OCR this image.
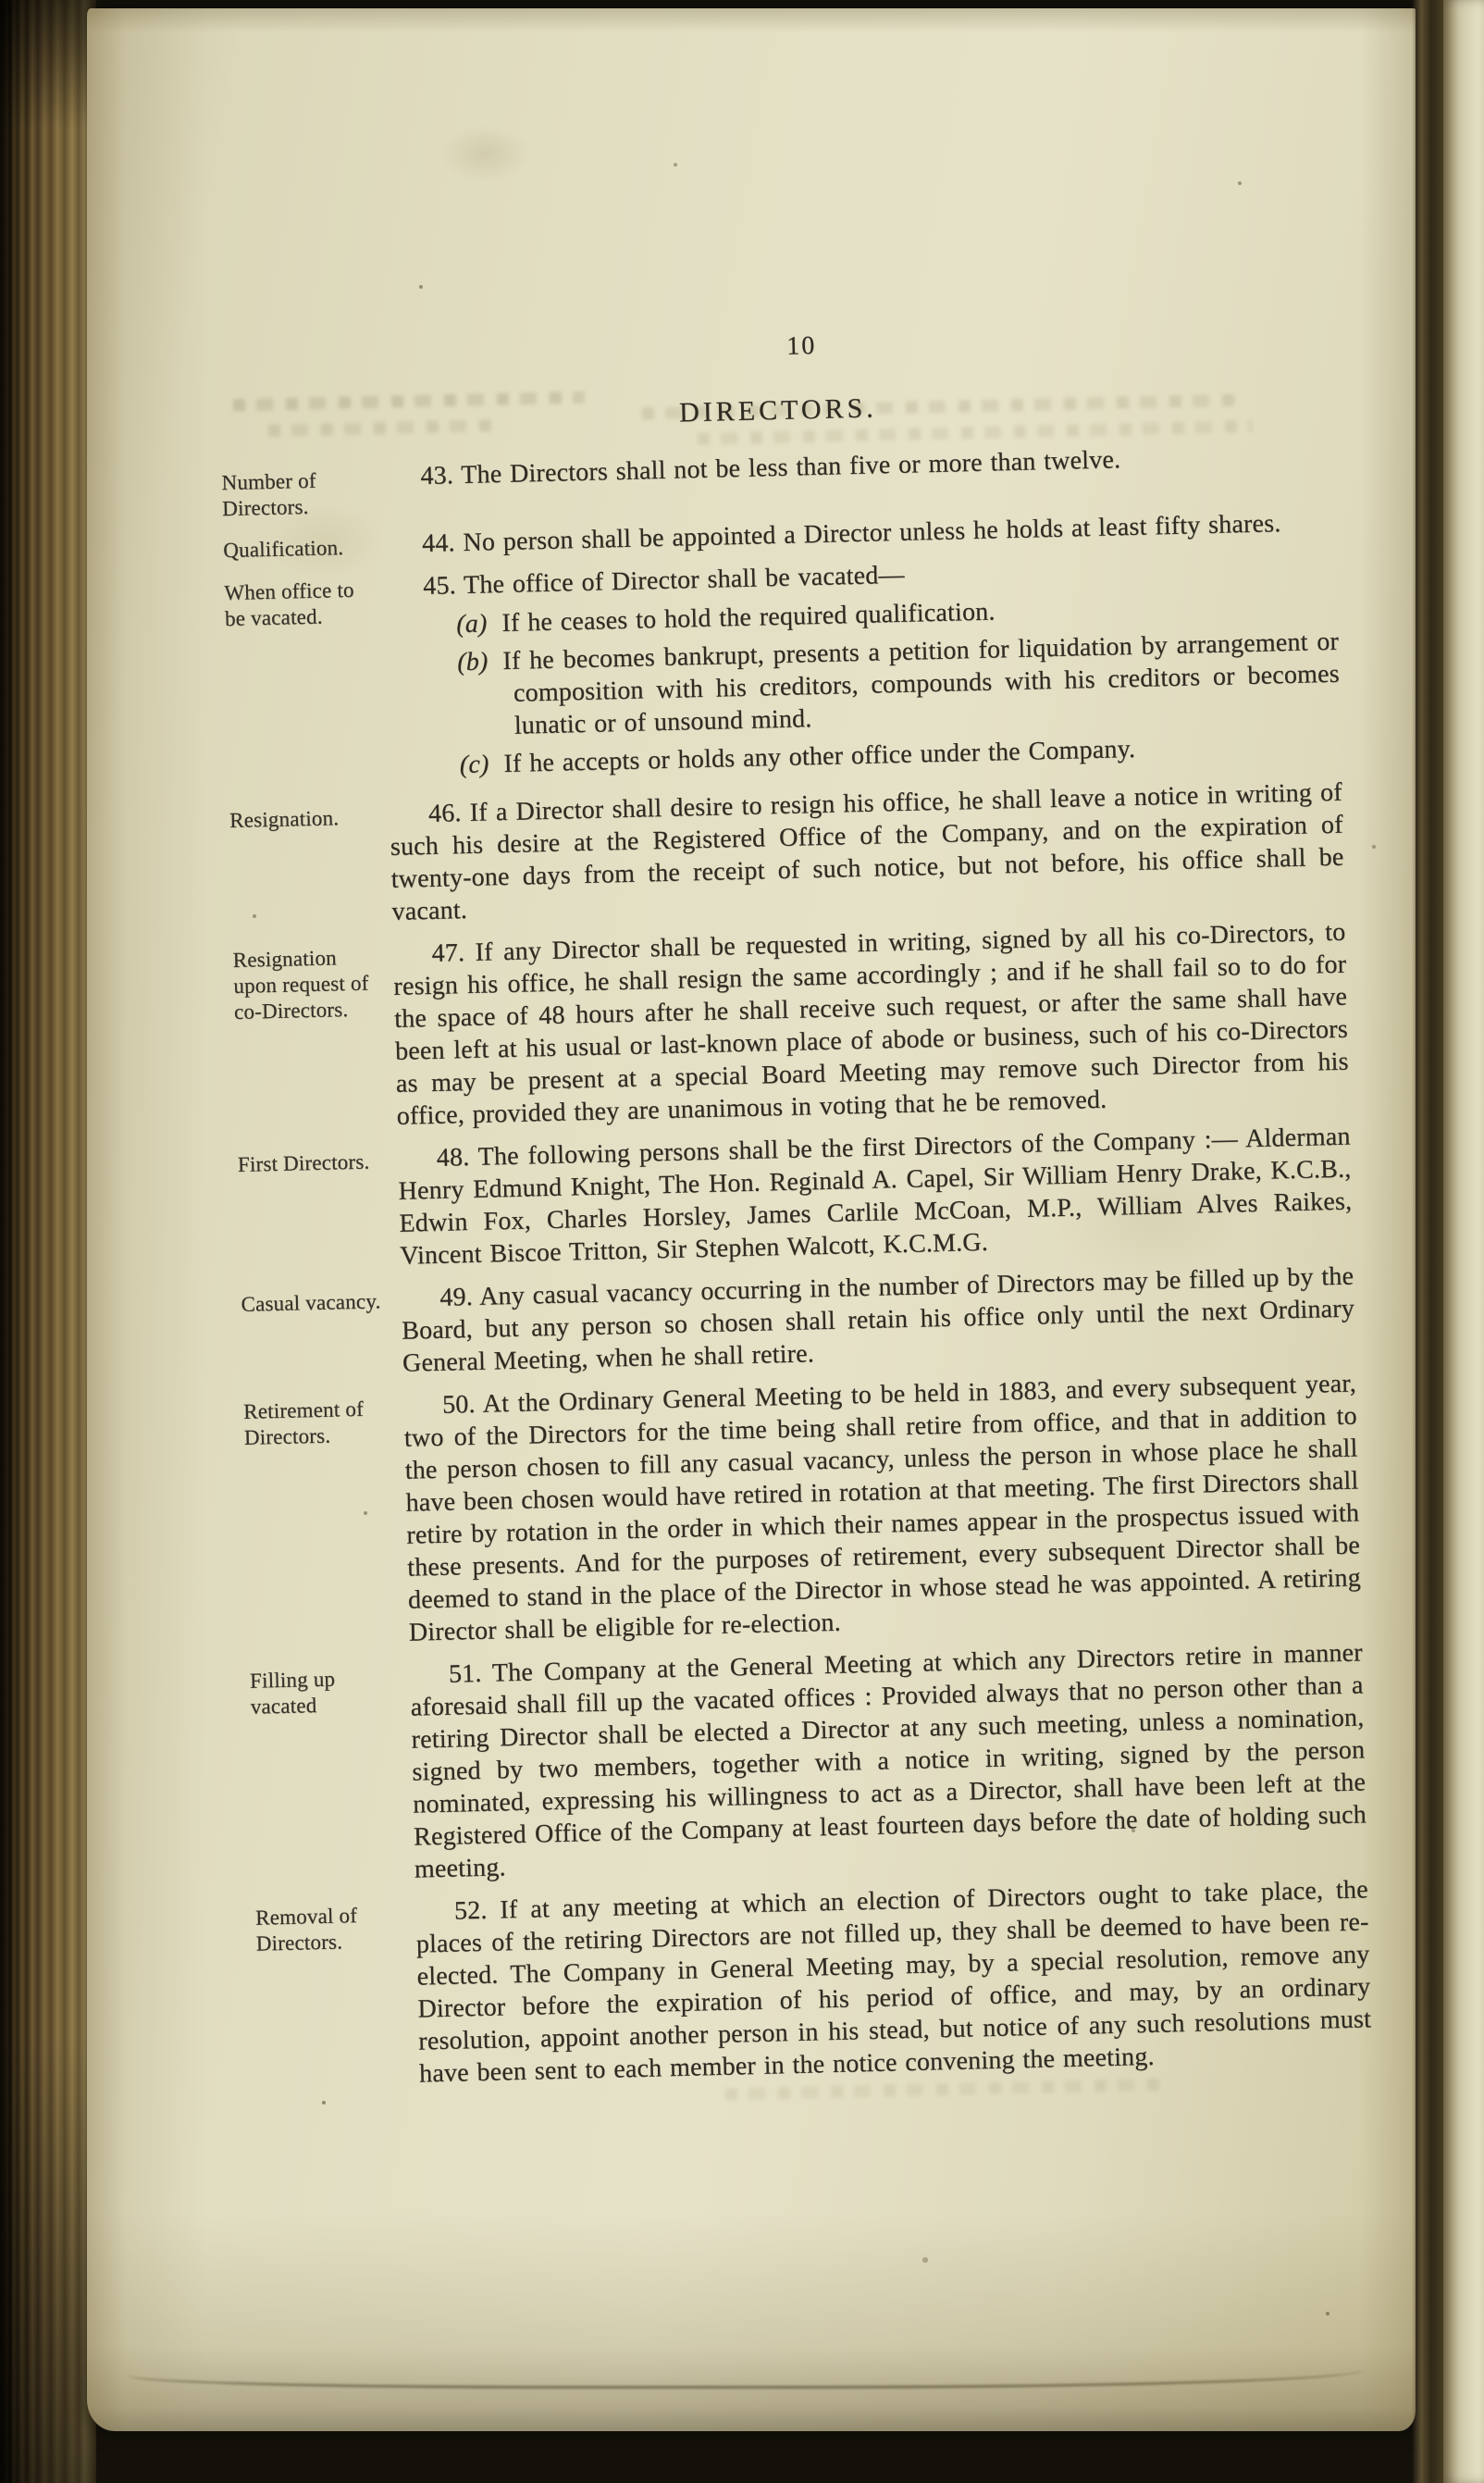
10
DIRECTORS.
Number of Directors.

43. The Directors shall not be less than five or more than twelve.

Qualification.	44. No person shall be appointed a Director unless he holds at least fifty shares.

When office to be vacated.

45. The office of Director shall be vacated—

(a) If he ceases to hold the required qualification.

(b) If he becomes bankrupt, presents a petition for liquidation by arrangement or composition with his creditors, compounds with his creditors or becomes lunatic or of unsound mind.

(c) If he accepts or holds any other office under the Company.

Resignation.	46. If a Director shall desire to resign his office, he shall leave a notice in writing of such his desire at the Registered Office of the Company, and on the expiration of twenty-one days from the receipt of such notice, but not before, his office shall be vacant.

Resignation upon request of co-Directors.

47. If any Director shall be requested in writing, signed by all his co-Directors, to resign his office, he shall resign the same accordingly ; and if he shall fail so to do for the space of 48 hours after he shall receive such request, or after the same shall have been left at his usual or last-known place of abode or business, such of his co-Directors as may be present at a special Board Meeting may remove such Director from his office, provided they are unanimous in voting that he be removed.

First Directors.	48. The following persons shall be the first Directors of the Company :— Alderman Henry Edmund Knight, The Hon. Reginald A. Capel, Sir William Henry Drake, K.C.B., Edwin Fox, Charles Horsley, James Carlile McCoan, M.P., William Alves Raikes, Vincent Biscoe Tritton, Sir Stephen Walcott, K.C.M.G.

Casual vacancy.	49. Any casual vacancy occurring in the number of Directors may be filled up by the Board, but any person so chosen shall retain his office only until the next Ordinary General Meeting, when he shall retire.

Retirement of Directors.

50. At the Ordinary General Meeting to be held in 1883, and every subsequent year, two of the Directors for the time being shall retire from office, and that in addition to the person chosen to fill any casual vacancy, unless the person in whose place he shall have been chosen would have retired in rotation at that meeting. The first Directors shall retire by rotation in the order in which their names appear in the prospectus issued with these presents. And for the purposes of retirement, every subsequent Director shall be deemed to stand in the place of the Director in whose stead he was appointed. A retiring Director shall be eligible for re-election.

Filling up vacated

51. The Company at the General Meeting at which any Directors retire in manner aforesaid shall fill up the vacated offices : Provided always that no person other than a retiring Director shall be elected a Director at any such meeting, unless a nomination, signed by two members, together with a notice in writing, signed by the person nominated, expressing his willingness to act as a Director, shall have been left at the Registered Office of the Company at least fourteen days before the date of holding such meeting.

Removal of Directors.

52. If at any meeting at which an election of Directors ought to take place, the places of the retiring Directors are not filled up, they shall be deemed to have been re-elected. The Company in General Meeting may, by a special resolution, remove any Director before the expiration of his period of office, and may, by an ordinary resolution, appoint another person in his stead, but notice of any such resolutions must have been sent to each member in the notice convening the meeting.
